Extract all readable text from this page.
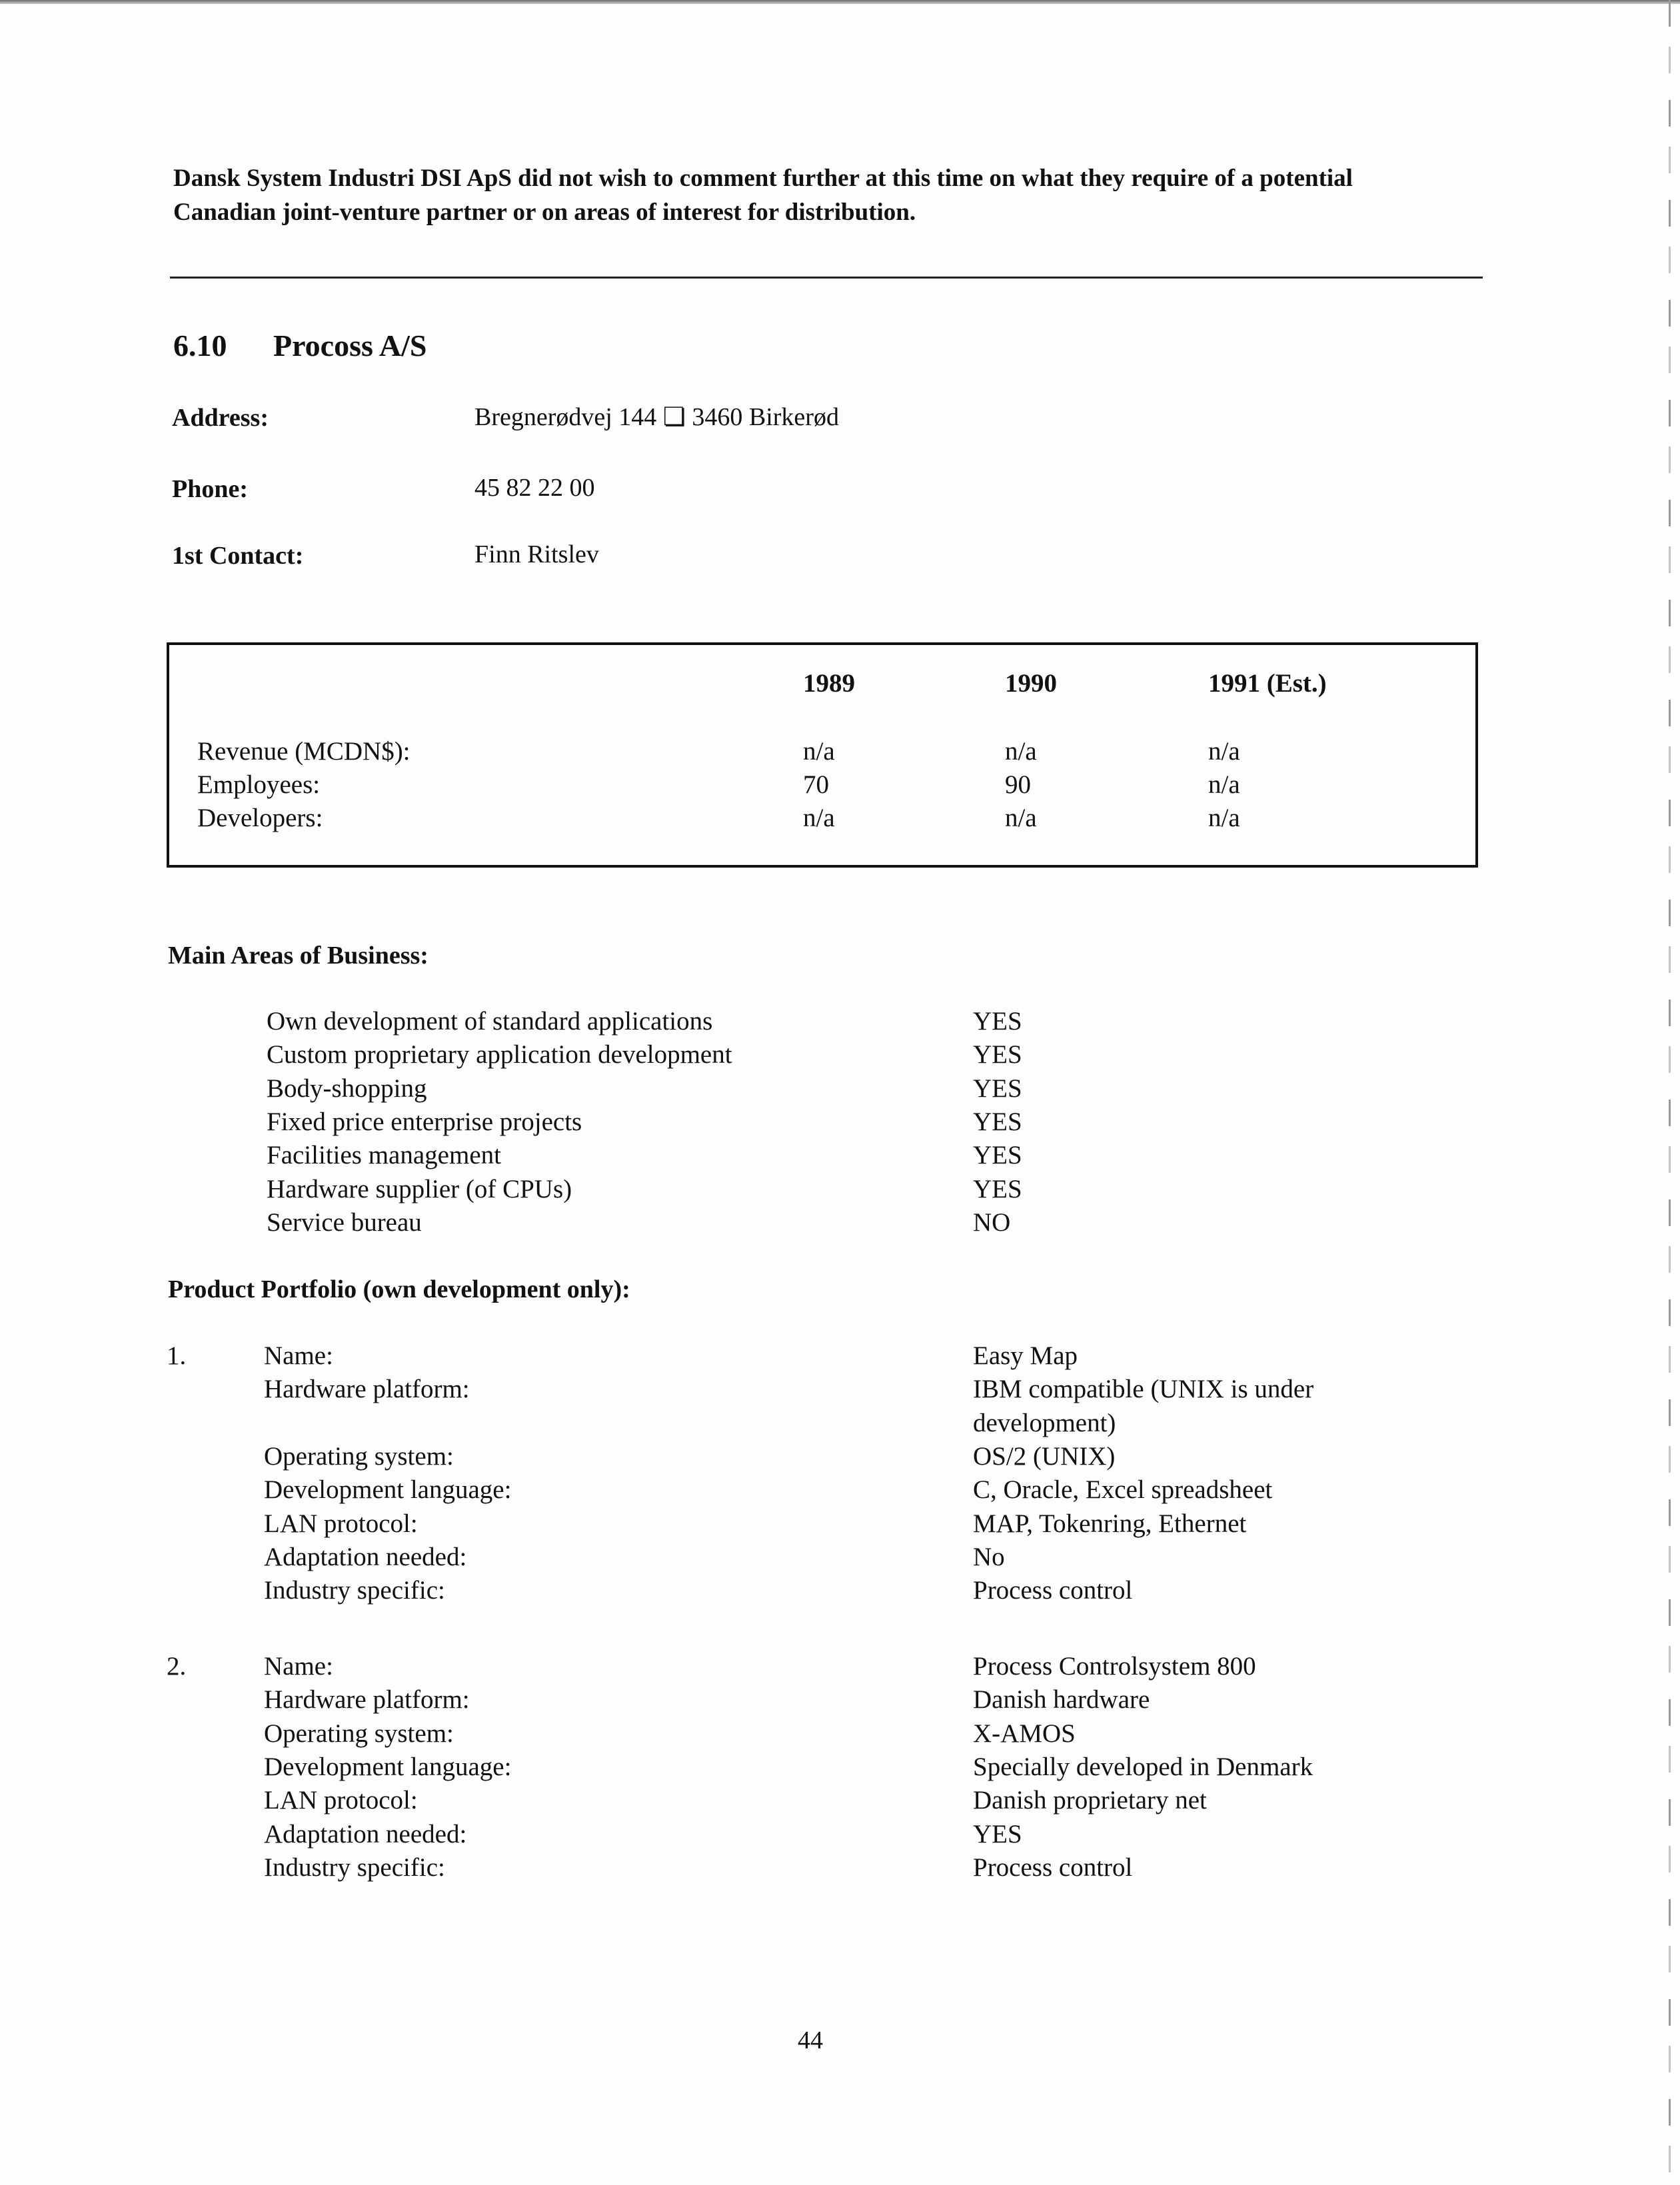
Dansk System Industri DSI ApS did not wish to comment further at this time on what they require of a potential Canadian joint-venture partner or on areas of interest for distribution.
6.10 Procoss A/S
Address:	Bregnerødvej 144 ❏ 3460 Birkerød
Phone:	45 82 22 00
1st Contact:	Finn Ritslev
1989	1990	1991 (Est.)
Revenue (MCDN$):	n/a	n/a	n/a
Employees:	70	90	n/a
Developers:	n/a	n/a	n/a
Main Areas of Business:
Own development of standard applications	YES
Custom proprietary application development	YES
Body-shopping	YES
Fixed price enterprise projects	YES
Facilities management	YES
Hardware supplier (of CPUs)	YES
Service bureau	NO
Product Portfolio (own development only):
1.	Name:	Easy Map
Hardware platform:	IBM compatible (UNIX is under
development)
Operating system:	OS/2 (UNIX)
Development language:	C, Oracle, Excel spreadsheet
LAN protocol:	MAP, Tokenring, Ethernet
Adaptation needed:	No
Industry specific:	Process control
2.	Name:	Process Controlsystem 800
Hardware platform:	Danish hardware
Operating system:	X-AMOS
Development language:	Specially developed in Denmark
LAN protocol:	Danish proprietary net
Adaptation needed:	YES
Industry specific:	Process control
44
